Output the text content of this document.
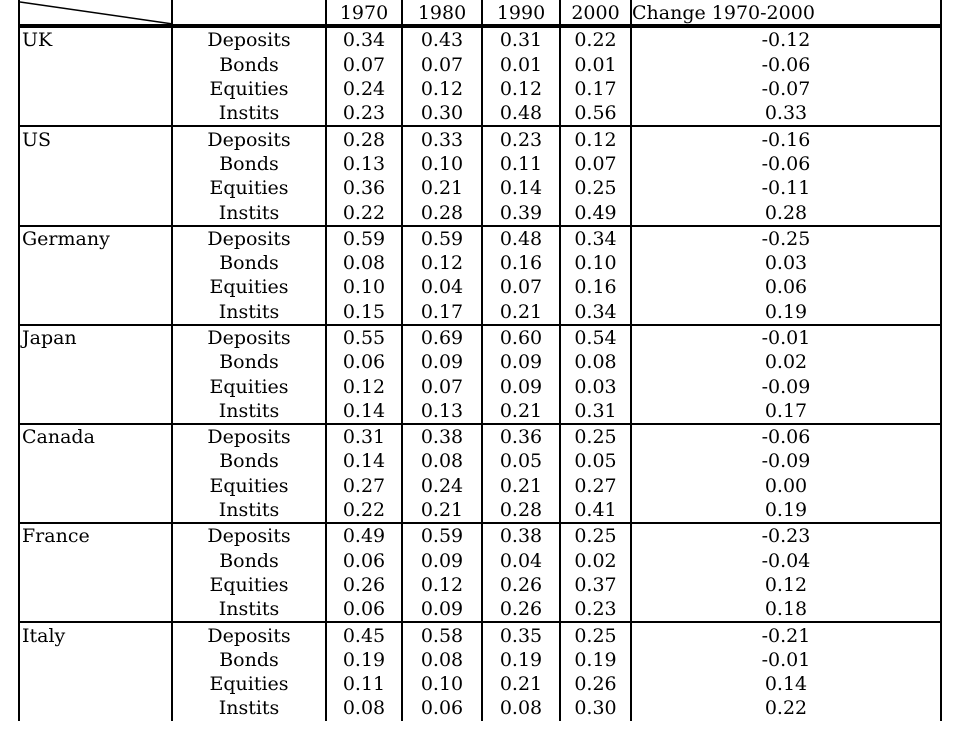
		1970	1980	1990	2000	Change 1970-2000
UK	Deposits	0.34	0.43	0.31	0.22	-0.12
	Bonds	0.07	0.07	0.01	0.01	-0.06
	Equities	0.24	0.12	0.12	0.17	-0.07
	Instits	0.23	0.30	0.48	0.56	0.33
US	Deposits	0.28	0.33	0.23	0.12	-0.16
	Bonds	0.13	0.10	0.11	0.07	-0.06
	Equities	0.36	0.21	0.14	0.25	-0.11
	Instits	0.22	0.28	0.39	0.49	0.28
Germany	Deposits	0.59	0.59	0.48	0.34	-0.25
	Bonds	0.08	0.12	0.16	0.10	0.03
	Equities	0.10	0.04	0.07	0.16	0.06
	Instits	0.15	0.17	0.21	0.34	0.19
Japan	Deposits	0.55	0.69	0.60	0.54	-0.01
	Bonds	0.06	0.09	0.09	0.08	0.02
	Equities	0.12	0.07	0.09	0.03	-0.09
	Instits	0.14	0.13	0.21	0.31	0.17
Canada	Deposits	0.31	0.38	0.36	0.25	-0.06
	Bonds	0.14	0.08	0.05	0.05	-0.09
	Equities	0.27	0.24	0.21	0.27	0.00
	Instits	0.22	0.21	0.28	0.41	0.19
France	Deposits	0.49	0.59	0.38	0.25	-0.23
	Bonds	0.06	0.09	0.04	0.02	-0.04
	Equities	0.26	0.12	0.26	0.37	0.12
	Instits	0.06	0.09	0.26	0.23	0.18
Italy	Deposits	0.45	0.58	0.35	0.25	-0.21
	Bonds	0.19	0.08	0.19	0.19	-0.01
	Equities	0.11	0.10	0.21	0.26	0.14
	Instits	0.08	0.06	0.08	0.30	0.22
